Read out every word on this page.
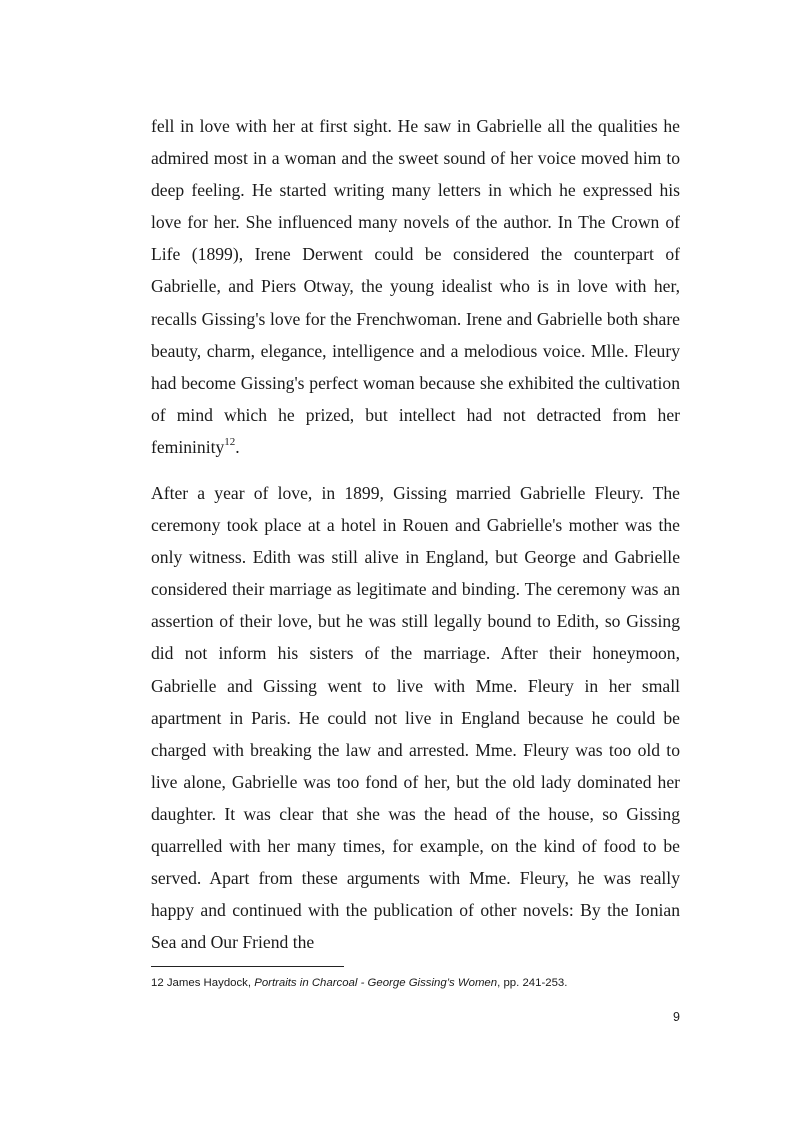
fell in love with her at first sight. He saw in Gabrielle all the qualities he admired most in a woman and the sweet sound of her voice moved him to deep feeling. He started writing many letters in which he expressed his love for her. She influenced many novels of the author. In The Crown of Life (1899), Irene Derwent could be considered the counterpart of Gabrielle, and Piers Otway, the young idealist who is in love with her, recalls Gissing's love for the Frenchwoman. Irene and Gabrielle both share beauty, charm, elegance, intelligence and a melodious voice. Mlle. Fleury had become Gissing's perfect woman because she exhibited the cultivation of mind which he prized, but intellect had not detracted from her femininity$^{12}$.

After a year of love, in 1899, Gissing married Gabrielle Fleury. The ceremony took place at a hotel in Rouen and Gabrielle's mother was the only witness. Edith was still alive in England, but George and Gabrielle considered their marriage as legitimate and binding. The ceremony was an assertion of their love, but he was still legally bound to Edith, so Gissing did not inform his sisters of the marriage. After their honeymoon, Gabrielle and Gissing went to live with Mme. Fleury in her small apartment in Paris. He could not live in England because he could be charged with breaking the law and arrested. Mme. Fleury was too old to live alone, Gabrielle was too fond of her, but the old lady dominated her daughter. It was clear that she was the head of the house, so Gissing quarrelled with her many times, for example, on the kind of food to be served. Apart from these arguments with Mme. Fleury, he was really happy and continued with the publication of other novels: By the Ionian Sea and Our Friend the

12 James Haydock, Portraits in Charcoal - George Gissing’s Women, pp. 241-253.

9
